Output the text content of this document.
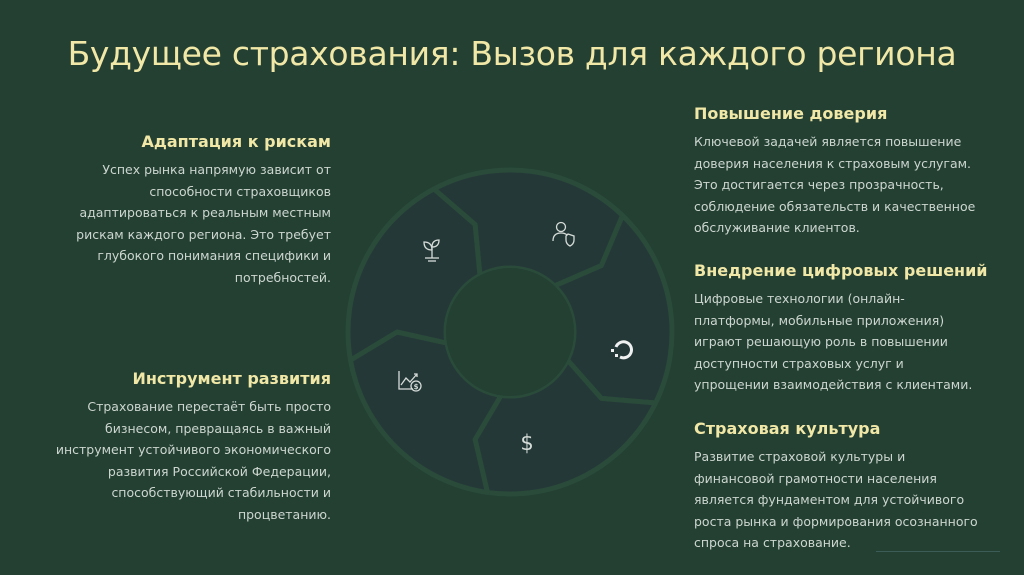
Будущее страхования: Вызов для каждого региона
Адаптация к рискам

Успех рынка напрямую зависит от
способности страховщиков
адаптироваться к реальным местным
рискам каждого региона. Это требует
глубокого понимания специфики и
потребностей.

Инструмент развития

Страхование перестаёт быть просто
бизнесом, превращаясь в важный
инструмент устойчивого экономического
развития Российской Федерации,
способствующий стабильности и
процветанию.

Повышение доверия

Ключевой задачей является повышение
доверия населения к страховым услугам.
Это достигается через прозрачность,
соблюдение обязательств и качественное
обслуживание клиентов.

Внедрение цифровых решений

Цифровые технологии (онлайн-
платформы, мобильные приложения)
играют решающую роль в повышении
доступности страховых услуг и
упрощении взаимодействия с клиентами.

Страховая культура

Развитие страховой культуры и
финансовой грамотности населения
является фундаментом для устойчивого
роста рынка и формирования осознанного
спроса на страхование.

$
$
